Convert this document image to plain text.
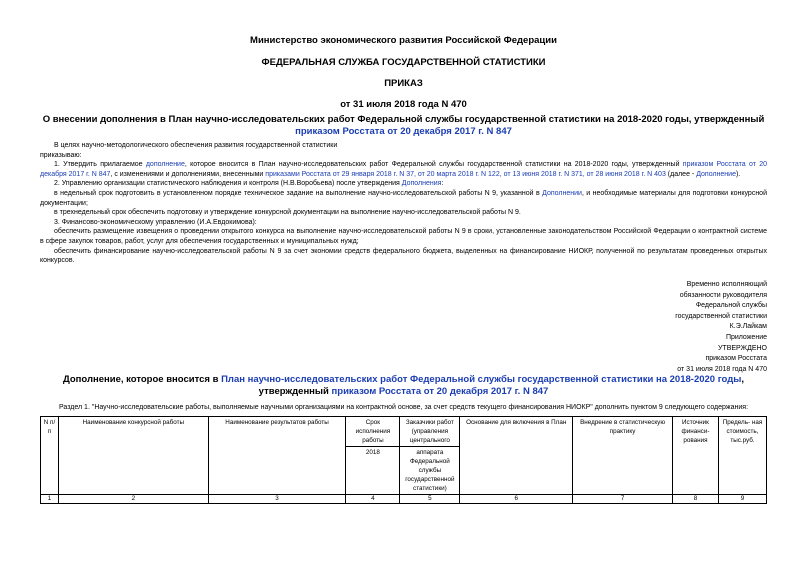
Министерство экономического развития Российской Федерации
ФЕДЕРАЛЬНАЯ СЛУЖБА ГОСУДАРСТВЕННОЙ СТАТИСТИКИ
ПРИКАЗ
от 31 июля 2018 года N 470
О внесении дополнения в План научно-исследовательских работ Федеральной службы государственной статистики на 2018-2020 годы, утвержденный приказом Росстата от 20 декабря 2017 г. N 847

В целях научно-методологического обеспечения развития государственной статистики

приказываю:

1. Утвердить прилагаемое дополнение, которое вносится в План научно-исследовательских работ Федеральной службы государственной статистики на 2018-2020 годы, утвержденный приказом Росстата от 20 декабря 2017 г. N 847, с изменениями и дополнениями, внесенными приказами Росстата от 29 января 2018 г. N 37, от 20 марта 2018 г. N 122, от 13 июня 2018 г. N 371, от 28 июня 2018 г. N 403 (далее - Дополнение).

2. Управлению организации статистического наблюдения и контроля (Н.В.Воробьева) после утверждения Дополнения:

в недельный срок подготовить в установленном порядке техническое задание на выполнение научно-исследовательской работы N 9, указанной в Дополнении, и необходимые материалы для подготовки конкурсной документации;

в трехнедельный срок обеспечить подготовку и утверждение конкурсной документации на выполнение научно-исследовательской работы N 9.

3. Финансово-экономическому управлению (И.А.Евдокимова):

обеспечить размещение извещения о проведении открытого конкурса на выполнение научно-исследовательской работы N 9 в сроки, установленные законодательством Российской Федерации о контрактной системе в сфере закупок товаров, работ, услуг для обеспечения государственных и муниципальных нужд;

обеспечить финансирование научно-исследовательской работы N 9 за счет экономии средств федерального бюджета, выделенных на финансирование НИОКР, полученной по результатам проведенных открытых конкурсов.

Временно исполняющий
обязанности руководителя
Федеральной службы
государственной статистики
К.Э.Лайкам
Приложение
УТВЕРЖДЕНО
приказом Росстата
от 31 июля 2018 года N 470
Дополнение, которое вносится в План научно-исследовательских работ Федеральной службы государственной статистики на 2018-2020 годы, утвержденный приказом Росстата от 20 декабря 2017 г. N 847
Раздел 1. "Научно-исследовательские работы, выполняемые научными организациями на контрактной основе, за счет средств текущего финансирования НИОКР" дополнить пунктом 9 следующего содержания:
N п/п	Наименование конкурсной работы	Наименование результатов работы	Срок исполнения работы	Заказчики работ (управления центрального	Основание для включения в План	Внедрение в статистическую практику	Источник финанси- рования	Предель- ная стоимость, тыс.руб.
			2018	аппарата Федеральной службы государственной статистики)				
1	2	3	4	5	6	7	8	9
